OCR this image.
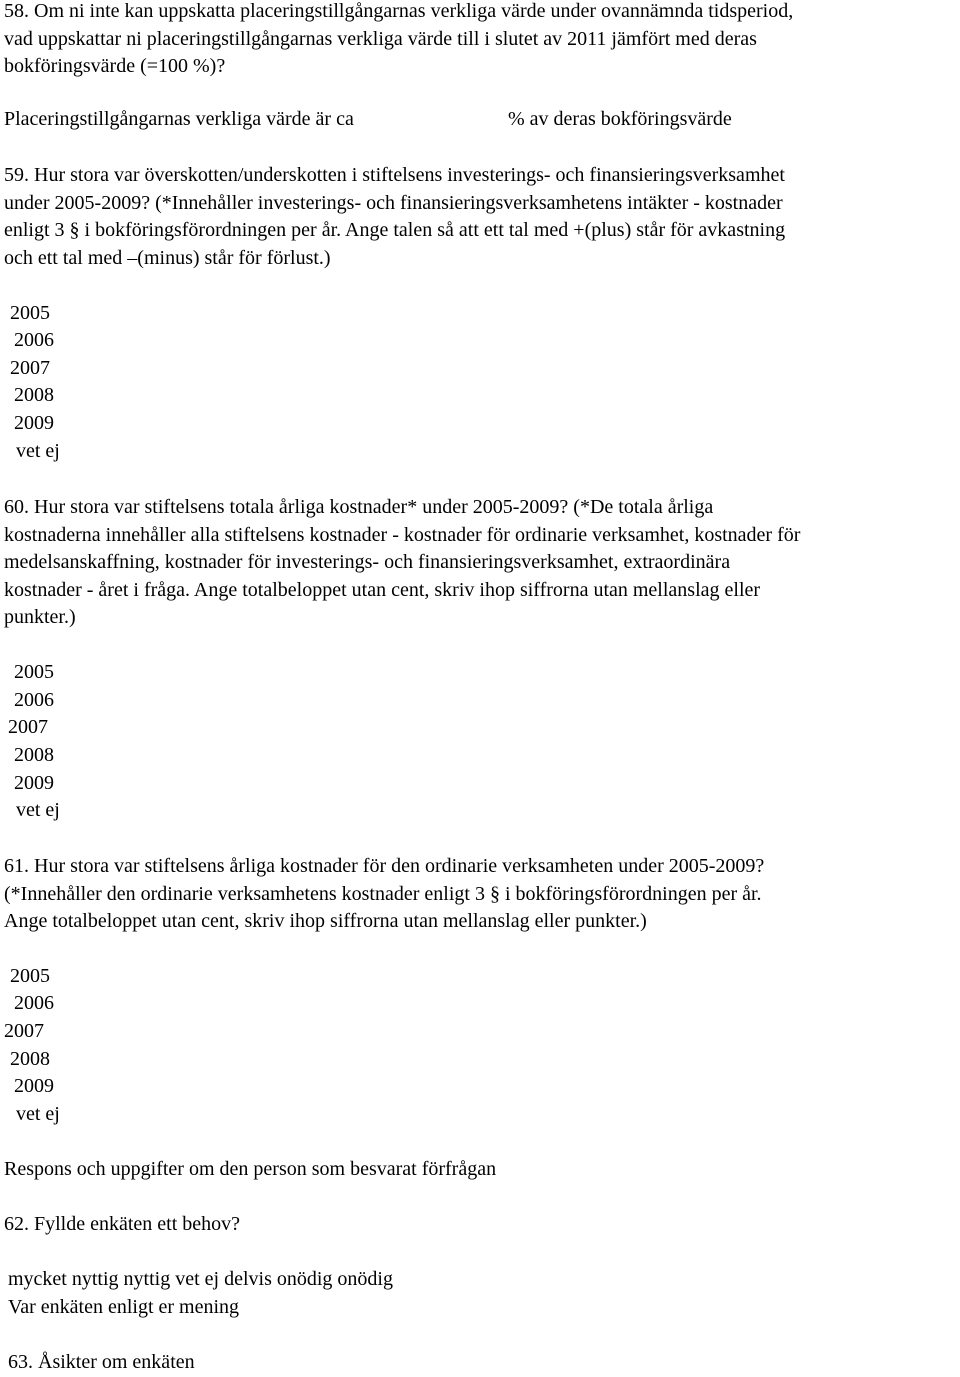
58. Om ni inte kan uppskatta placeringstillgångarnas verkliga värde under ovannämnda tidsperiod,
vad uppskattar ni placeringstillgångarnas verkliga värde till i slutet av 2011 jämfört med deras
bokföringsvärde (=100 %)?
Placeringstillgångarnas verkliga värde är ca	% av deras bokföringsvärde
59. Hur stora var överskotten/underskotten i stiftelsens investerings- och finansieringsverksamhet
under 2005-2009? (*Innehåller investerings- och finansieringsverksamhetens intäkter - kostnader
enligt 3 § i bokföringsförordningen per år. Ange talen så att ett tal med +(plus) står för avkastning
och ett tal med –(minus) står för förlust.)
2005
2006
2007
2008
2009
vet ej
60. Hur stora var stiftelsens totala årliga kostnader* under 2005-2009? (*De totala årliga
kostnaderna innehåller alla stiftelsens kostnader - kostnader för ordinarie verksamhet, kostnader för
medelsanskaffning, kostnader för investerings- och finansieringsverksamhet, extraordinära
kostnader - året i fråga. Ange totalbeloppet utan cent, skriv ihop siffrorna utan mellanslag eller
punkter.)
2005
2006
2007
2008
2009
vet ej
61. Hur stora var stiftelsens årliga kostnader för den ordinarie verksamheten under 2005-2009?
(*Innehåller den ordinarie verksamhetens kostnader enligt 3 § i bokföringsförordningen per år.
Ange totalbeloppet utan cent, skriv ihop siffrorna utan mellanslag eller punkter.)
2005
2006
2007
2008
2009
vet ej
Respons och uppgifter om den person som besvarat förfrågan
62. Fyllde enkäten ett behov?
mycket nyttig nyttig vet ej delvis onödig onödig
Var enkäten enligt er mening
63. Åsikter om enkäten
